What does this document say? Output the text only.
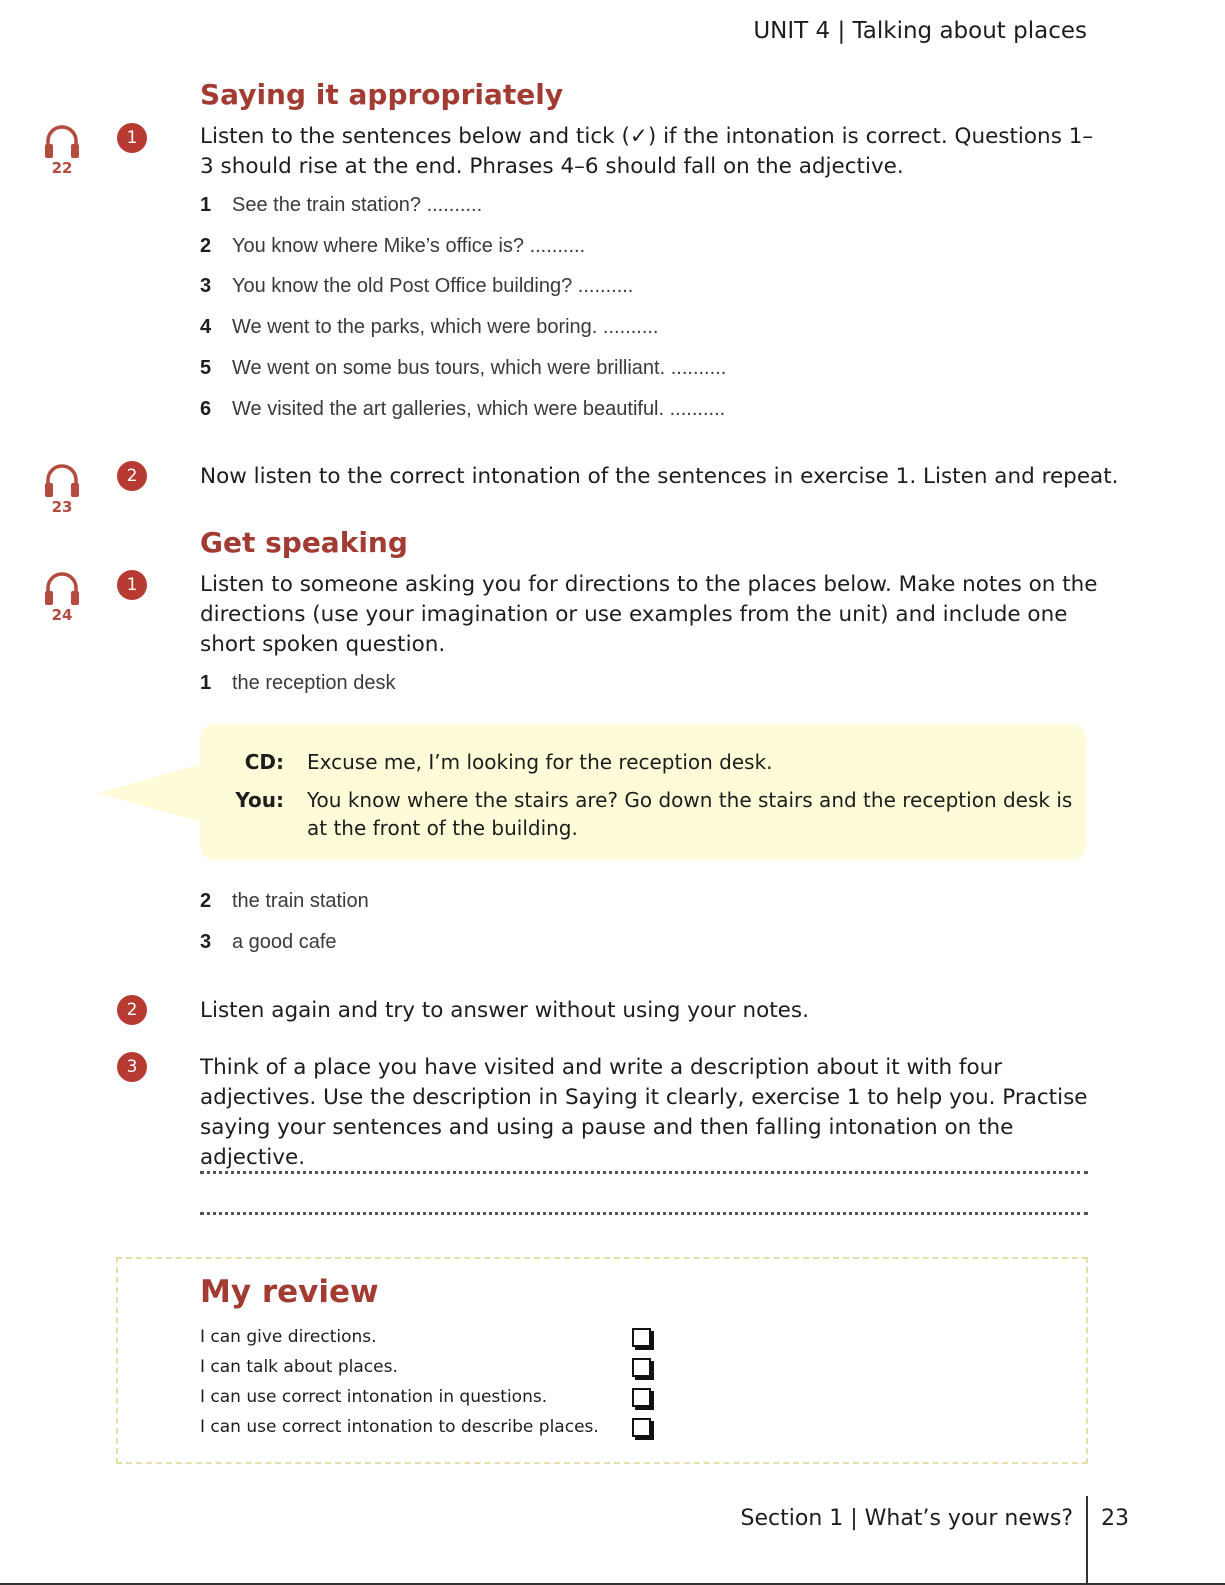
UNIT 4 | Talking about places
Saying it appropriately
22
1	Listen to the sentences below and tick (✓) if the intonation is correct. Questions 1–3 should rise at the end. Phrases 4–6 should fall on the adjective.
1 See the train station? ..........
2 You know where Mike’s office is? ..........
3 You know the old Post Office building? ..........
4 We went to the parks, which were boring. ..........
5 We went on some bus tours, which were brilliant. ..........
6 We visited the art galleries, which were beautiful. ..........
23
2	Now listen to the correct intonation of the sentences in exercise 1. Listen and repeat.
Get speaking
24
1	Listen to someone asking you for directions to the places below. Make notes on the directions (use your imagination or use examples from the unit) and include one short spoken question.
1 the reception desk
CD: Excuse me, I’m looking for the reception desk.
You: You know where the stairs are? Go down the stairs and the reception desk is
at the front of the building.
2 the train station
3 a good cafe
2	Listen again and try to answer without using your notes.
3	Think of a place you have visited and write a description about it with four adjectives. Use the description in Saying it clearly, exercise 1 to help you. Practise saying your sentences and using a pause and then falling intonation on the adjective.
My review
I can give directions.
I can talk about places.
I can use correct intonation in questions.
I can use correct intonation to describe places.
Section 1 | What’s your news? 23
